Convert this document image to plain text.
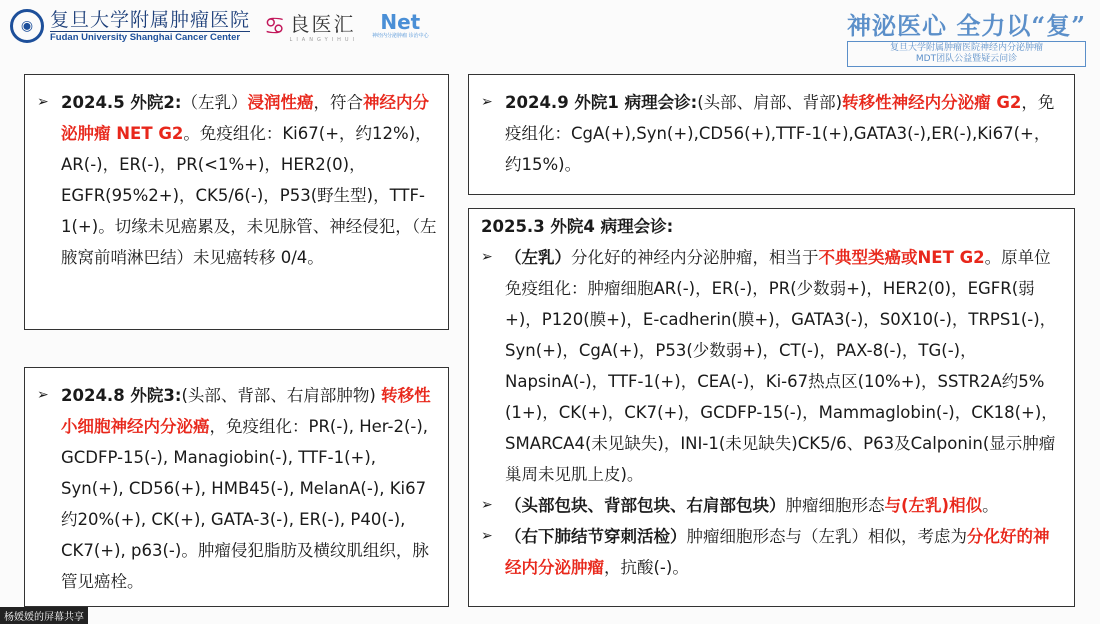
◉ 复旦大学附属肿瘤医院
Fudan University Shanghai Cancer Center ♋ 良医汇
LIANGYIHUI
Net
神经内分泌肿瘤 诊治中心	神泌医心 全力以“复”
复旦大学附属肿瘤医院神经内分泌肿瘤
MDT团队公益暨疑云问诊
➢ 2024.5 外院2:（左乳）浸润性癌，符合神经内分泌肿瘤 NET G2。免疫组化：Ki67(+，约12%)，AR(-)，ER(-)，PR(<1%+)，HER2(0)，EGFR(95%2+)，CK5/6(-)，P53(野生型)，TTF-1(+)。切缘未见癌累及，未见脉管、神经侵犯，（左腋窝前哨淋巴结）未见癌转移 0/4。
➢ 2024.8 外院3:(头部、背部、右肩部肿物) 转移性小细胞神经内分泌癌，免疫组化：PR(-), Her-2(-), GCDFP-15(-), Managiobin(-), TTF-1(+), Syn(+), CD56(+), HMB45(-), MelanA(-), Ki67约20%(+), CK(+), GATA-3(-), ER(-), P40(-), CK7(+), p63(-)。肿瘤侵犯脂肪及横纹肌组织，脉管见癌栓。
➢ 2024.9 外院1 病理会诊:(头部、肩部、背部)转移性神经内分泌瘤 G2，免疫组化：CgA(+),Syn(+),CD56(+),TTF-1(+),GATA3(-),ER(-),Ki67(+，约15%)。
2025.3 外院4 病理会诊:
➢ （左乳）分化好的神经内分泌肿瘤，相当于不典型类癌或NET G2。原单位免疫组化：肿瘤细胞AR(-)，ER(-)，PR(少数弱+)，HER2(0)，EGFR(弱+)，P120(膜+)，E-cadherin(膜+)，GATA3(-)，S0X10(-)，TRPS1(-)，Syn(+)，CgA(+)，P53(少数弱+)，CT(-)，PAX-8(-)，TG(-)，NapsinA(-)，TTF-1(+)，CEA(-)，Ki-67热点区(10%+)，SSTR2A约5%(1+)，CK(+)，CK7(+)，GCDFP-15(-)，Mammaglobin(-)，CK18(+)，SMARCA4(未见缺失)，INI-1(未见缺失)CK5/6、P63及Calponin(显示肿瘤巢周未见肌上皮)。
➢ （头部包块、背部包块、右肩部包块）肿瘤细胞形态与(左乳)相似。
➢ （右下肺结节穿刺活检）肿瘤细胞形态与（左乳）相似，考虑为分化好的神经内分泌肿瘤，抗酸(-)。
杨媛媛的屏幕共享
